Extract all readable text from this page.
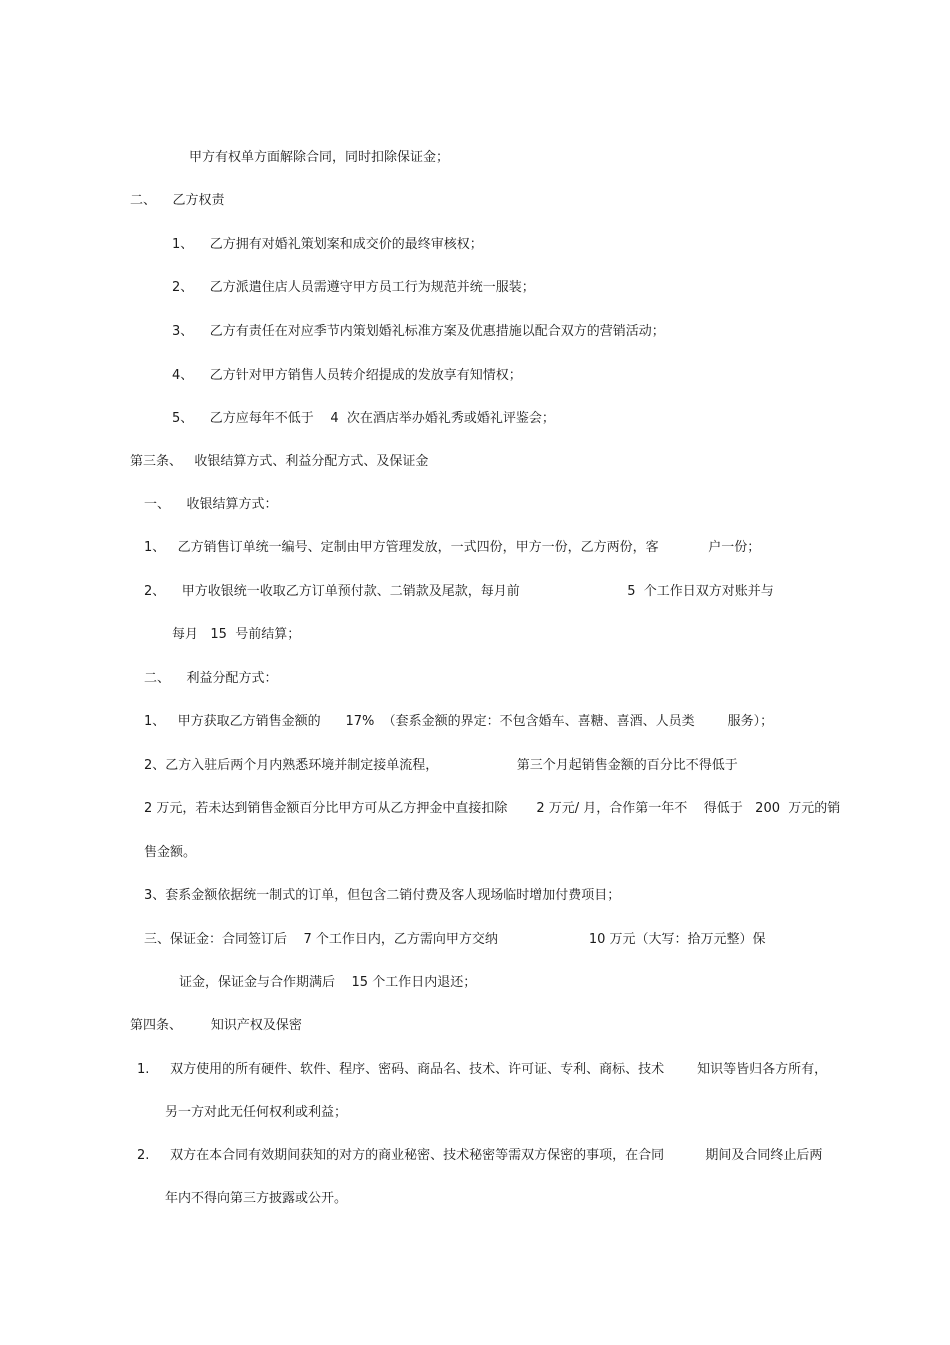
甲方有权单方面解除合同，同时扣除保证金；
二、    乙方权责
1、    乙方拥有对婚礼策划案和成交价的最终审核权；
2、    乙方派遣住店人员需遵守甲方员工行为规范并统一服装；
3、    乙方有责任在对应季节内策划婚礼标准方案及优惠措施以配合双方的营销活动；
4、    乙方针对甲方销售人员转介绍提成的发放享有知情权；
5、    乙方应每年不低于    4  次在酒店举办婚礼秀或婚礼评鉴会；
第三条、   收银结算方式、利益分配方式、及保证金
一、    收银结算方式：
1、   乙方销售订单统一编号、定制由甲方管理发放，一式四份，甲方一份，乙方两份，客            户一份；
2、    甲方收银统一收取乙方订单预付款、二销款及尾款，每月前                          5  个工作日双方对账并与
每月   15  号前结算；
二、    利益分配方式：
1、   甲方获取乙方销售金额的      17%  （套系金额的界定：不包含婚车、喜糖、喜酒、人员类        服务）；
2、乙方入驻后两个月内熟悉环境并制定接单流程，                   第三个月起销售金额的百分比不得低于
2 万元，若未达到销售金额百分比甲方可从乙方押金中直接扣除       2 万元/ 月，合作第一年不    得低于   200  万元的销
售金额。
3、套系金额依据统一制式的订单，但包含二销付费及客人现场临时增加付费项目；
三、保证金：合同签订后    7 个工作日内，乙方需向甲方交纳                      10 万元（大写：拾万元整）保
证金，保证金与合作期满后    15 个工作日内退还；
第四条、       知识产权及保密
1.     双方使用的所有硬件、软件、程序、密码、商品名、技术、许可证、专利、商标、技术        知识等皆归各方所有，
另一方对此无任何权利或利益；
2.     双方在本合同有效期间获知的对方的商业秘密、技术秘密等需双方保密的事项，在合同          期间及合同终止后两
年内不得向第三方披露或公开。
